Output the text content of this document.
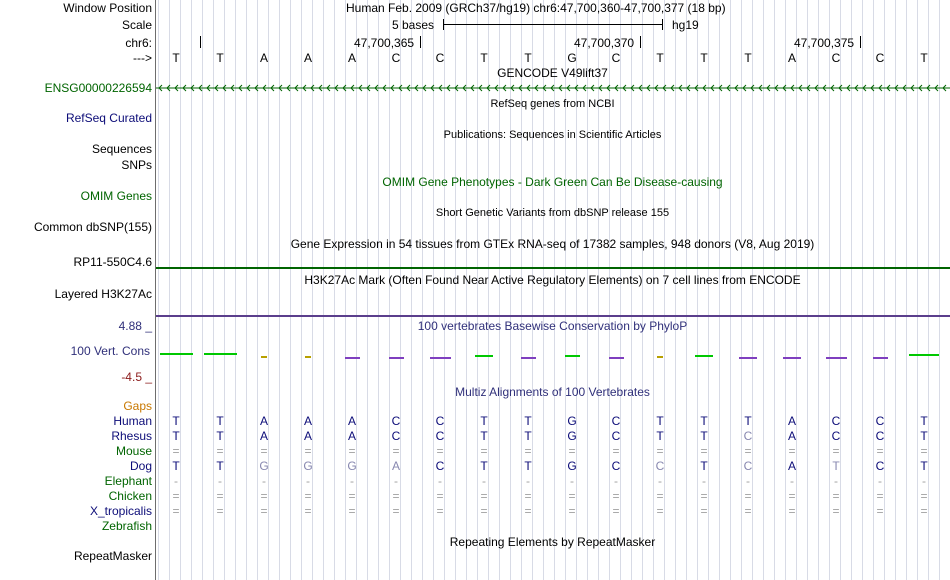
Window Position	Human Feb. 2009 (GRCh37/hg19) chr6:47,700,360-47,700,377 (18 bp)
Scale	5 bases	hg19
chr6:	47,700,365	47,700,370	47,700,375
---> T	T	A	A	A	C	C	T	T	G	C	T	T	T	A	C	C	T
GENCODE V49lift37
ENSG00000226594
RefSeq genes from NCBI
RefSeq Curated
Publications: Sequences in Scientific Articles
Sequences
SNPs
OMIM Gene Phenotypes - Dark Green Can Be Disease-causing
OMIM Genes
Short Genetic Variants from dbSNP release 155
Common dbSNP(155)
Gene Expression in 54 tissues from GTEx RNA-seq of 17382 samples, 948 donors (V8, Aug 2019)
RP11-550C4.6
H3K27Ac Mark (Often Found Near Active Regulatory Elements) on 7 cell lines from ENCODE
Layered H3K27Ac
100 vertebrates Basewise Conservation by PhyloP
4.88 _
100 Vert. Cons
-4.5 _
Multiz Alignments of 100 Vertebrates
Gaps
Human T	T	A	A	A	C	C	T	T	G	C	T	T	T	A	C	C	T
Rhesus T	T	A	A	A	C	C	T	T	G	C	T	T	C	A	C	C	T
Mouse =	=	=	=	=	=	=	=	=	=	=	=	=	=	=	=	=	=
Dog T	T	G	G	G	A	C	T	T	G	C	C	T	C	A	T	C	T
Elephant	-	-	-	-	-	-	-	-	-	-	-	-	-	-	-	-	-	-
Chicken =	=	=	=	=	=	=	=	=	=	=	=	=	=	=	=	=	=
X_tropicalis =	=	=	=	=	=	=	=	=	=	=	=	=	=	=	=	=	=
Zebrafish
Repeating Elements by RepeatMasker
RepeatMasker
